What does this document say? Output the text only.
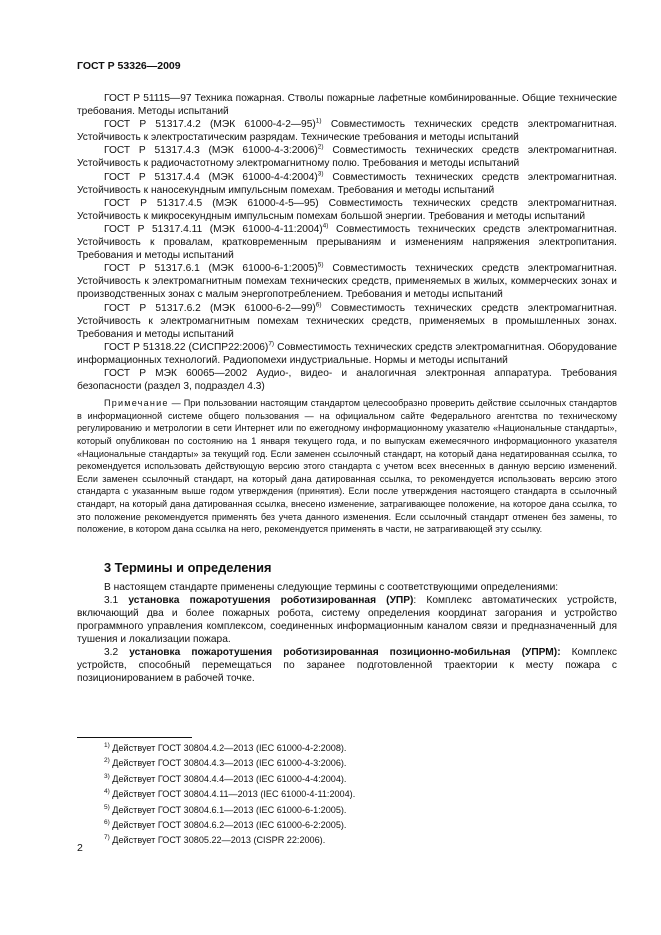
ГОСТ Р 53326—2009

ГОСТ Р 51115—97 Техника пожарная. Стволы пожарные лафетные комбинированные. Общие технические требования. Методы испытаний

ГОСТ Р 51317.4.2 (МЭК 61000-4-2—95)$^{1)}$ Совместимость технических средств электромагнитная. Устойчивость к электростатическим разрядам. Технические требования и методы испытаний

ГОСТ Р 51317.4.3 (МЭК 61000-4-3:2006)$^{2)}$ Совместимость технических средств электромагнитная. Устойчивость к радиочастотному электромагнитному полю. Требования и методы испытаний

ГОСТ Р 51317.4.4 (МЭК 61000-4-4:2004)$^{3)}$ Совместимость технических средств электромагнитная. Устойчивость к наносекундным импульсным помехам. Требования и методы испытаний

ГОСТ Р 51317.4.5 (МЭК 61000-4-5—95) Совместимость технических средств электромагнитная. Устойчивость к микросекундным импульсным помехам большой энергии. Требования и методы испытаний

ГОСТ Р 51317.4.11 (МЭК 61000-4-11:2004)$^{4)}$ Совместимость технических средств электромагнитная. Устойчивость к провалам, кратковременным прерываниям и изменениям напряжения электропитания. Требования и методы испытаний

ГОСТ Р 51317.6.1 (МЭК 61000-6-1:2005)$^{5)}$ Совместимость технических средств электромагнитная. Устойчивость к электромагнитным помехам технических средств, применяемых в жилых, коммерческих зонах и производственных зонах с малым энергопотреблением. Требования и методы испытаний

ГОСТ Р 51317.6.2 (МЭК 61000-6-2—99)$^{6)}$ Совместимость технических средств электромагнитная. Устойчивость к электромагнитным помехам технических средств, применяемых в промышленных зонах. Требования и методы испытаний

ГОСТ Р 51318.22 (СИСПР22:2006)$^{7)}$ Совместимость технических средств электромагнитная. Оборудование информационных технологий. Радиопомехи индустриальные. Нормы и методы испытаний

ГОСТ Р МЭК 60065—2002 Аудио-, видео- и аналогичная электронная аппаратура. Требования безопасности (раздел 3, подраздел 4.3)

Примечание — При пользовании настоящим стандартом целесообразно проверить действие ссылочных стандартов в информационной системе общего пользования — на официальном сайте Федерального агентства по техническому регулированию и метрологии в сети Интернет или по ежегодному информационному указателю «Национальные стандарты», который опубликован по состоянию на 1 января текущего года, и по выпускам ежемесячного информационного указателя «Национальные стандарты» за текущий год. Если заменен ссылочный стандарт, на который дана недатированная ссылка, то рекомендуется использовать действующую версию этого стандарта с учетом всех внесенных в данную версию изменений. Если заменен ссылочный стандарт, на который дана датированная ссылка, то рекомендуется использовать версию этого стандарта с указанным выше годом утверждения (принятия). Если после утверждения настоящего стандарта в ссылочный стандарт, на который дана датированная ссылка, внесено изменение, затрагивающее положение, на которое дана ссылка, то это положение рекомендуется применять без учета данного изменения. Если ссылочный стандарт отменен без замены, то положение, в котором дана ссылка на него, рекомендуется применять в части, не затрагивающей эту ссылку.

3 Термины и определения

В настоящем стандарте применены следующие термины с соответствующими определениями:

3.1 установка пожаротушения роботизированная (УПР): Комплекс автоматических устройств, включающий два и более пожарных робота, систему определения координат загорания и устройство программного управления комплексом, соединенных информационным каналом связи и предназначенный для тушения и локализации пожара.

3.2 установка пожаротушения роботизированная позиционно-мобильная (УПРМ): Комплекс устройств, способный перемещаться по заранее подготовленной траектории к месту пожара с позиционированием в рабочей точке.

$^{1)}$ Действует ГОСТ 30804.4.2—2013 (IEC 61000-4-2:2008).

$^{2)}$ Действует ГОСТ 30804.4.3—2013 (IEC 61000-4-3:2006).

$^{3)}$ Действует ГОСТ 30804.4.4—2013 (IEC 61000-4-4:2004).

$^{4)}$ Действует ГОСТ 30804.4.11—2013 (IEC 61000-4-11:2004).

$^{5)}$ Действует ГОСТ 30804.6.1—2013 (IEC 61000-6-1:2005).

$^{6)}$ Действует ГОСТ 30804.6.2—2013 (IEC 61000-6-2:2005).

$^{7)}$ Действует ГОСТ 30805.22—2013 (CISPR 22:2006).

2
